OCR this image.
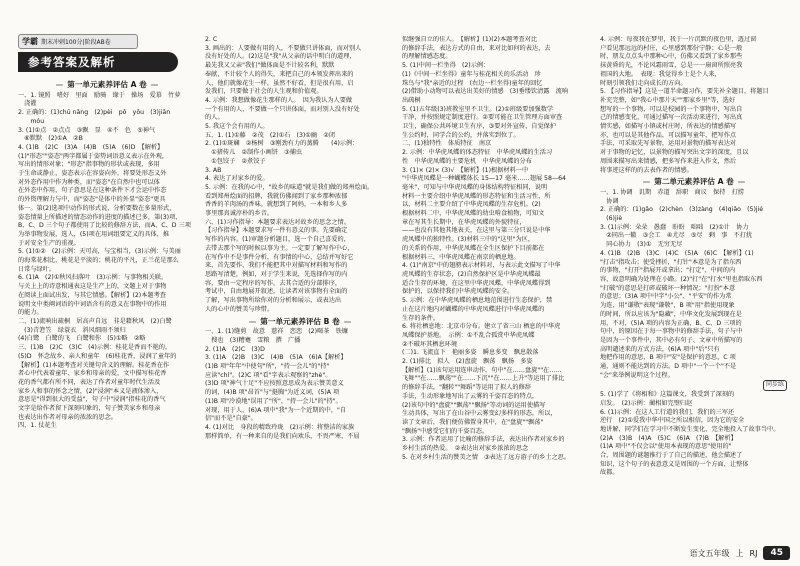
学霸 期末冲刺100分|阶段AB卷
参考答案及解析
— 第一单元素养评估 A 卷 —

一、1. 镜照　嗜好　里面　励骑　缘于　操场　爱慕　竹萝

　浇灌

2. 正确的：(1)chū nǎng　(2)pèi　pǒ　yǒu　(3)jiān

　　móu

3. (1)①点　②点点　③飘　显　④不　色　⑤神气

　⑥默默　(2)①A　②B

4. (1)B　(2)C　(3)A　(4)B　(5)A　(6)D　【解析】

(1)"形态""姿态"两字都属于姿势词语意义表示在外观，

写出的情形对象；"形态"指事物的形状或表现，多用

于生命或静止，姿态表示在容姿向外，将要处形态义外

对外态作用中作为种类，而"姿态"在自然中也可以体

在外态中作用，句子意思是在这种条件下才会运中作态

的外资理解力与中，而"姿态"是体中的外显"姿态"更具

体一。第(2)选项中动作的形式说，分析要数在多量形式，

姿态情量上所描述的情态动作的进度的描述已多，第(3)项，

B、C、D 三个句子都使用了比较的修辞方法，而A、C、D 三项

为举事物发展，选人，(5)项在用词组要定义的具体，推

于对安全生产的重视。

5. (1)①②　(2)示例：天可高，与宝相当，(3)示例：与美丽

的海棠花相比，桃花是平淡的；桃花的平凡，正兰花是那么

日常与绿叶。

6. (1)A　(2)①秋风扫落叶　(3)示例：与事物相关联，

与关上上的诗意相通表这是生产上的，文题上对于事物

在阅读上面试出发，与其它情感。【解析】(2)本题考查

说明文中类阐词语的中词语含有的意义在事物中的作用

的能力。

二、(1)流响出疏桐　居高声自远　非是藉秋风　(2)白鹭

　(3)青箬笠　绿蓑衣　斜风细雨不须归

(4)白鹭　白鹭的飞　白鹭和你　(5)①略　②略

三、(1)B　(2)C　(3)C　(4)示例：桂花是香而不艳的，

(5)D　怀念故乡、亲人和童年　(6)桂花香，浸润了童年的

【解析】(1)本题考查对关键句含义的理解。桂花香在作

者心中代表着童年、家乡和母亲的爱，文中描写桂花香

花的香气都有所不同，表达了作者对童年时代生活及

家乡人和事的怀念之情，(2)"浸润"本义是液体渗入，

意思是"得到很大的受益"，句子中"浸润"指桂花的香气

文字是给作者留下深刻印象的，句子赞美家乡和母亲

也表达出作者对母亲的浓浓的思念。

四、1. 仗花生

2. C

3. 画出的：人要做有用的人，不要做只讲体面，而对别人

没有好处的人。(2)这是"我"从父亲的话中明白的道理，

最先我又父亲"我们"做体面是不计较名利，默默

奉献，不计较个人的得失，来把自己的本领发挥出来的

人，他们就像花生一样，虽然不好看，但是很有用，启

发我们，只要做于社会的人生观和价值观。

4. 示例：我想做像花生那样的人。　因为我认为人要做

一个有用的人，不要做一个只讲体面，而对别人没有好处

的人。

5. 我这个会有用的人。

五、1. (1)①藤　②茂　(2)①石　(3)①幽　②闭

2. (1)①斑斓　②杨树　③刚劲有力的蒸腾　　(4)示例：

　①猪传儿　②制作小画饼　③捕虫

　①包饺子　②煮饺子

3. AB

4. 表达了对家乡的爱。

5. 示例：在我的心中，"故乡的味道"就是我们做的郑州烩面。

看到郑州烩面的招牌，我就仿佛闻到了家乡那种浓郁

香香的羊肉汤的香味。就想到了阿妈，一本和乡人多

事里那真诚淳朴的乡音。

六、(1)习作指导：本题要求表达对故乡的思念之情。

【习作指导】本题要求写一件有意义的事。先要确定

写作的内容。(1)审题分析题目，选一个自己喜爱的，

去带去那个写的时候以事为主。一定要了解写作中心，

在写作中不是事件分析，有事情的中心，总结并写好它

来，首先要作，我们不能把其中对描写材料和写作的

思路写清楚，例如，对于学生来说，先选择你写的内

容，要由一定程序的写作，去其合适的分部排序，

考试中，自由地展开叙述，让读者对该事物有全面的

了解，写出事物所给你对的分析和展示，或表达出

人的心中的赞美与珍惜。

— 第一单元素养评估 B 卷 —

一、1. (1)缝剪　故意　慈祥　恋恋　(2)喝茶　铁镰

　搜也　(3)糟蹇　雪粮　撰　广播

2. (1)A　(2)C　(3)D

3. (1)A　(2)B　(3)C　(4)B　(5)A　(6)A【解析】

(1)B 项"年年"中使句"所"，"持一会儿"的"持"

应读"chí"。(2)C 项"看"字表示观察的"zhè"。

(3)D 项"神气十足"不应按照意思成为表示赞美意义

的词，(4)B 项"昂首"与"挺胸"为近义词，(5)A 项

(1)B 项"冷漠地"误用了"所"，"持一会儿"的"持"。

对现，用于人，(6)A 项中"我"为一个近期的中，"自

信"而不是"自豪"。

4. (1)对比　身段的精致玲珑　(2)示例：将整洁的家族

那样简单，有一种来自的是我们向欢乐，不畏严寒，不屈

似继强自立的佳人。　【解析】(1)(2)本题考查对比

的修辞手法，表达方式的自由，来对比如何的表达，去

的理解情感态度。

5. (1)中间一栏坐得　(2)示例：

(1)《中间一栏坐得》童年与桂花相关的乐活动　珍

珠鸟与"我"亲近的过程　(右边一栏坐得)童年的回忆

(2)借助小动物可以表达出美好的情感　(3)垂缕饮清露　流响

出疏桐

5. (1)五年级(3)班教室里不卫生。(2)①班级要加强数学

干净，并按照规定制度进行。②要可能在卫生管理方面审查

卫生，确保公共环境卫生有序，③要对外宣传，自觉保护

生公约时，同学合的公约，并落实到位了。

二、(1)独特性　体质特征　南京

2. 示例：中华虎凤蝶的体态特征　中华虎凤蝶的生活习

性　中华虎凤蝶的主要危机　中华虎凤蝶的分布

3. (1)× (2)× (3)√　【解析】(1)根据材料一中

"中华虎凤蝶是一种蝴蝶体长 15—17 毫米……翅展 58—64

毫米"，可知与中华虎凤蝶的身体结构特征相同，说明

材料一主要介绍中华虎凤蝶的形态特征和生活习性，所

以，材料二主要介绍了中华虎凤蝶的生存危机。(2)

根据材料二中，中华虎凤蝶的幼虫啃食植物，可知文

章在写其生长期中，在华虎凤蝶的外貌特征，

——也没有其他其地表关，在这里与第三分只说是中华

虎凤蝶中的独特性。(3)材料三中的"这里"为区，

的关系的作用，中华虎凤蝶在全生区保护下目前都在

根据材料三，中华虎凤蝶在南京的栖息地。

4. (1)"南京"中的翅膀表示材料对，与表示此文描写了中华

虎凤蝶的生存状态，(2)自然保护区是中华虎凤蝶最

适合生存的环境，在这里中华虎凤蝶，中华虎凤蝶得到

保护的，以保持我们中华虎凤蝶的安全。

5. 示例：在中华虎凤蝶的栖息地范围进行生态保护，禁

止在这片地内对蝴蝶的中华虎凤蝶进行中华虎凤蝶的

生存的条件。

6. 将社栖息地：北京市分布。建立了省三山 栖息的中华虎

凤蝶保护基地。　示例：①不乱合孤赏中华虎凤蝶

②不破坏其栖息环境

(二)1. 飞流直下　艳丽多姿　瞬息多变　飘息散落

2. (1)排比　拟人　(2)盘旋　飘荡　飘扬　多姿

【解析】(1)该句运用连串动作，句中"在……盘旋""在……

飞舞""在……飘荡""在……下沉""在……上升"等运用了排比

的修辞手法，"翻转""舞蹈"等运用了拟人的修辞

手法，生动形象地写出了云雾的千姿百态的特点，

(2)该句中的"盘旋""飘荡""飘扬"等动词的运用使描写

生动具体，写出了在山谷中云雾变幻多样的形态，所以，

读了文章后，我们便仿佛置身其中，在"盘旋""飘荡"

"飘扬"中感受它们的千姿百态。

3. 示例：作者运用了比喻的修辞手法，表达出作者对家乡的

乡村生活的热爱。　②表达出对家乡浓浓的思念

5. 在对乡村生活的赞美之情　③表达了远方游子的乡土之思。

4. 示例：每夜我在梦里，我于一片沉默的夜色里，透过窗

户看见那远远的村庄，心里感到那份宁静；心是一般

时，朋友点点头中那种心中，仿佛又看到了家乡那些

抹黄昏的光，不论风霜雨雪，总是一一扇窗所照亮我

祖国的大地。　表现：我觉得乡土是个人来，

时刻引领我们走向成长的方向。

5. 【习作指导】这是一道半命题习作，要先补全题目，将题目

补充完整，如"我心中那片天""那家乡里"等，选好

想写的一个事物，可以是校园的一个事物中，写出自

己的情感变化，可通过描写一次活动来进行，写出真

情实感，如描写小镇或村庄时，所表达的情感描写

亦，也可以是其他作品，可以描写童年，把写作点

手法，可采取先写景物，运用对景物的描写表达对

对于事物的记忆，以景物的描写突出文字的深度，且以

周围来描写出来情感，把多写作来进入作文，然后

将事迹这样的的去表作者的情感。

— 第二单元素养评估 A 卷 —

一、1. 协调　讥期　赤道　辞职　商议　保持　打捞

　协调

2. 正确的：(1)gǎo　(2)chèn　(3)zàng　(4)qiǎo　(5)jié

　(6)jiè

3. (1)示例：朵朵　愚蠢　盼盼　咄咄　(2)①计　协力

　②同出一辙　③会工　④尤尽　⑤尽　剩　事　不打扰

　同心协力　(3)①　无穷无尽

4. (1)B　(2)B　(3)C　(4)C　(5)A　(6)C　【解析】(1)

"打击"指攻击；使受挫折，"打针"本意是为了指东西

的事物，"打开"指展开或拿出；"打定"，中间的内

容，故意明确为处理在小路。(2)"打"在"打水"里也指取东西

"打破"的意思是打碎或破坏一种情况；"打扮"本意

的意思；(3)A 项中中字"小公"、"平安"的作为常

为连，用"谦敬"表现"谦敬"，B 项"用"指使用现象

的时间，所以应该为"隐藏"，中华文化发展到现在是

用，不对，(5)A 项的内容为正确，B、C、D 三项的

句中，的原因在于每一事物中的修辞手法，句子与中

是因为一个事件中，其中必有句子、文章中所描写的

高明谴述来的方式方法，(6)A 项中"后"只有

地把作用的意思，B 项中"安"是保护的意思，C 项

通，通则不能达到的方法。D 项中"一个一个"不是

"会"来举例说明这个过程。

同步练

5. (1)学了《将相和》这篇课文，我受到了深刻的

启发。　(2)示例：蔺相如完璧归赵

6. (1)示例：在这人工行道的我们，我们的三军还

逆行　(2)①爱我中华中国之所以相信，因为它的安全

地讲解，同学们在学习中不断发生变化，完全地投入了故事当中。

(2)A　(3)B　(4)A　(5)C　(6)A　(7)B　【解析】

(1)A 项中"不仅会以"使用本表现的意思"使用的"

合，周围题的谜题推行于了自己的描述，他会描述了

知识，这个句子的表意意义是周围的一个方面，让整体

故都。

语文五年级 上 RJ	45
